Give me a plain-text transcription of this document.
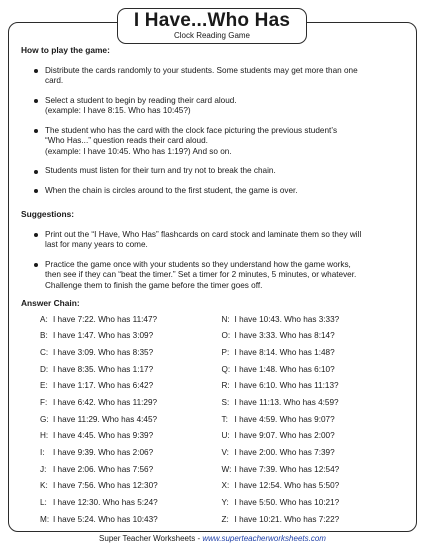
I Have...Who Has
Clock Reading Game
How to play the game:
Distribute the cards randomly to your students. Some students may get more than one
card.
Select a student to begin by reading their card aloud.
(example: I have 8:15. Who has 10:45?)
The student who has the card with the clock face picturing the previous student’s
“Who Has...” question reads their card aloud.
(example: I have 10:45. Who has 1:19?) And so on.
Students must listen for their turn and try not to break the chain.
When the chain is circles around to the first student, the game is over.
Suggestions:
Print out the “I Have, Who Has” flashcards on card stock and laminate them so they will
last for many years to come.
Practice the game once with your students so they understand how the game works,
then see if they can “beat the timer.” Set a timer for 2 minutes, 5 minutes, or whatever.
Challenge them to finish the game before the timer goes off.
Answer Chain:
A: I have 7:22. Who has 11:47?
B: I have 1:47. Who has 3:09?
C: I have 3:09. Who has 8:35?
D: I have 8:35. Who has 1:17?
E: I have 1:17. Who has 6:42?
F: I have 6:42. Who has 11:29?
G: I have 11:29. Who has 4:45?
H: I have 4:45. Who has 9:39?
I:	I have 9:39. Who has 2:06?
J: I have 2:06. Who has 7:56?
K: I have 7:56. Who has 12:30?
L: I have 12:30. Who has 5:24?
M: I have 5:24. Who has 10:43?
N: I have 10:43. Who has 3:33?
O: I have 3:33. Who has 8:14?
P: I have 8:14. Who has 1:48?
Q: I have 1:48. Who has 6:10?
R: I have 6:10. Who has 11:13?
S: I have 11:13. Who has 4:59?
T: I have 4:59. Who has 9:07?
U: I have 9:07. Who has 2:00?
V: I have 2:00. Who has 7:39?
W: I have 7:39. Who has 12:54?
X: I have 12:54. Who has 5:50?
Y: I have 5:50. Who has 10:21?
Z: I have 10:21. Who has 7:22?
Super Teacher Worksheets - www.superteacherworksheets.com
